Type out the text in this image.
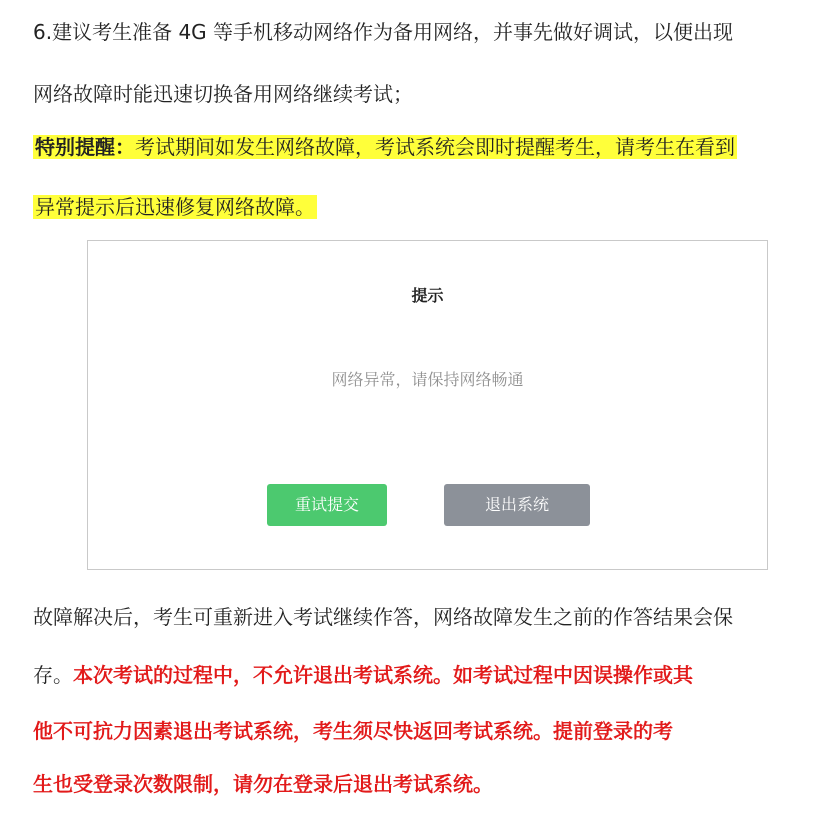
6.建议考生准备 4G 等手机移动网络作为备用网络，并事先做好调试，以便出现
网络故障时能迅速切换备用网络继续考试；
特别提醒：考试期间如发生网络故障，考试系统会即时提醒考生，请考生在看到
异常提示后迅速修复网络故障。
提示
网络异常，请保持网络畅通
重试提交	退出系统
故障解决后，考生可重新进入考试继续作答，网络故障发生之前的作答结果会保
存。本次考试的过程中，不允许退出考试系统。如考试过程中因误操作或其
他不可抗力因素退出考试系统，考生须尽快返回考试系统。提前登录的考
生也受登录次数限制，请勿在登录后退出考试系统。
